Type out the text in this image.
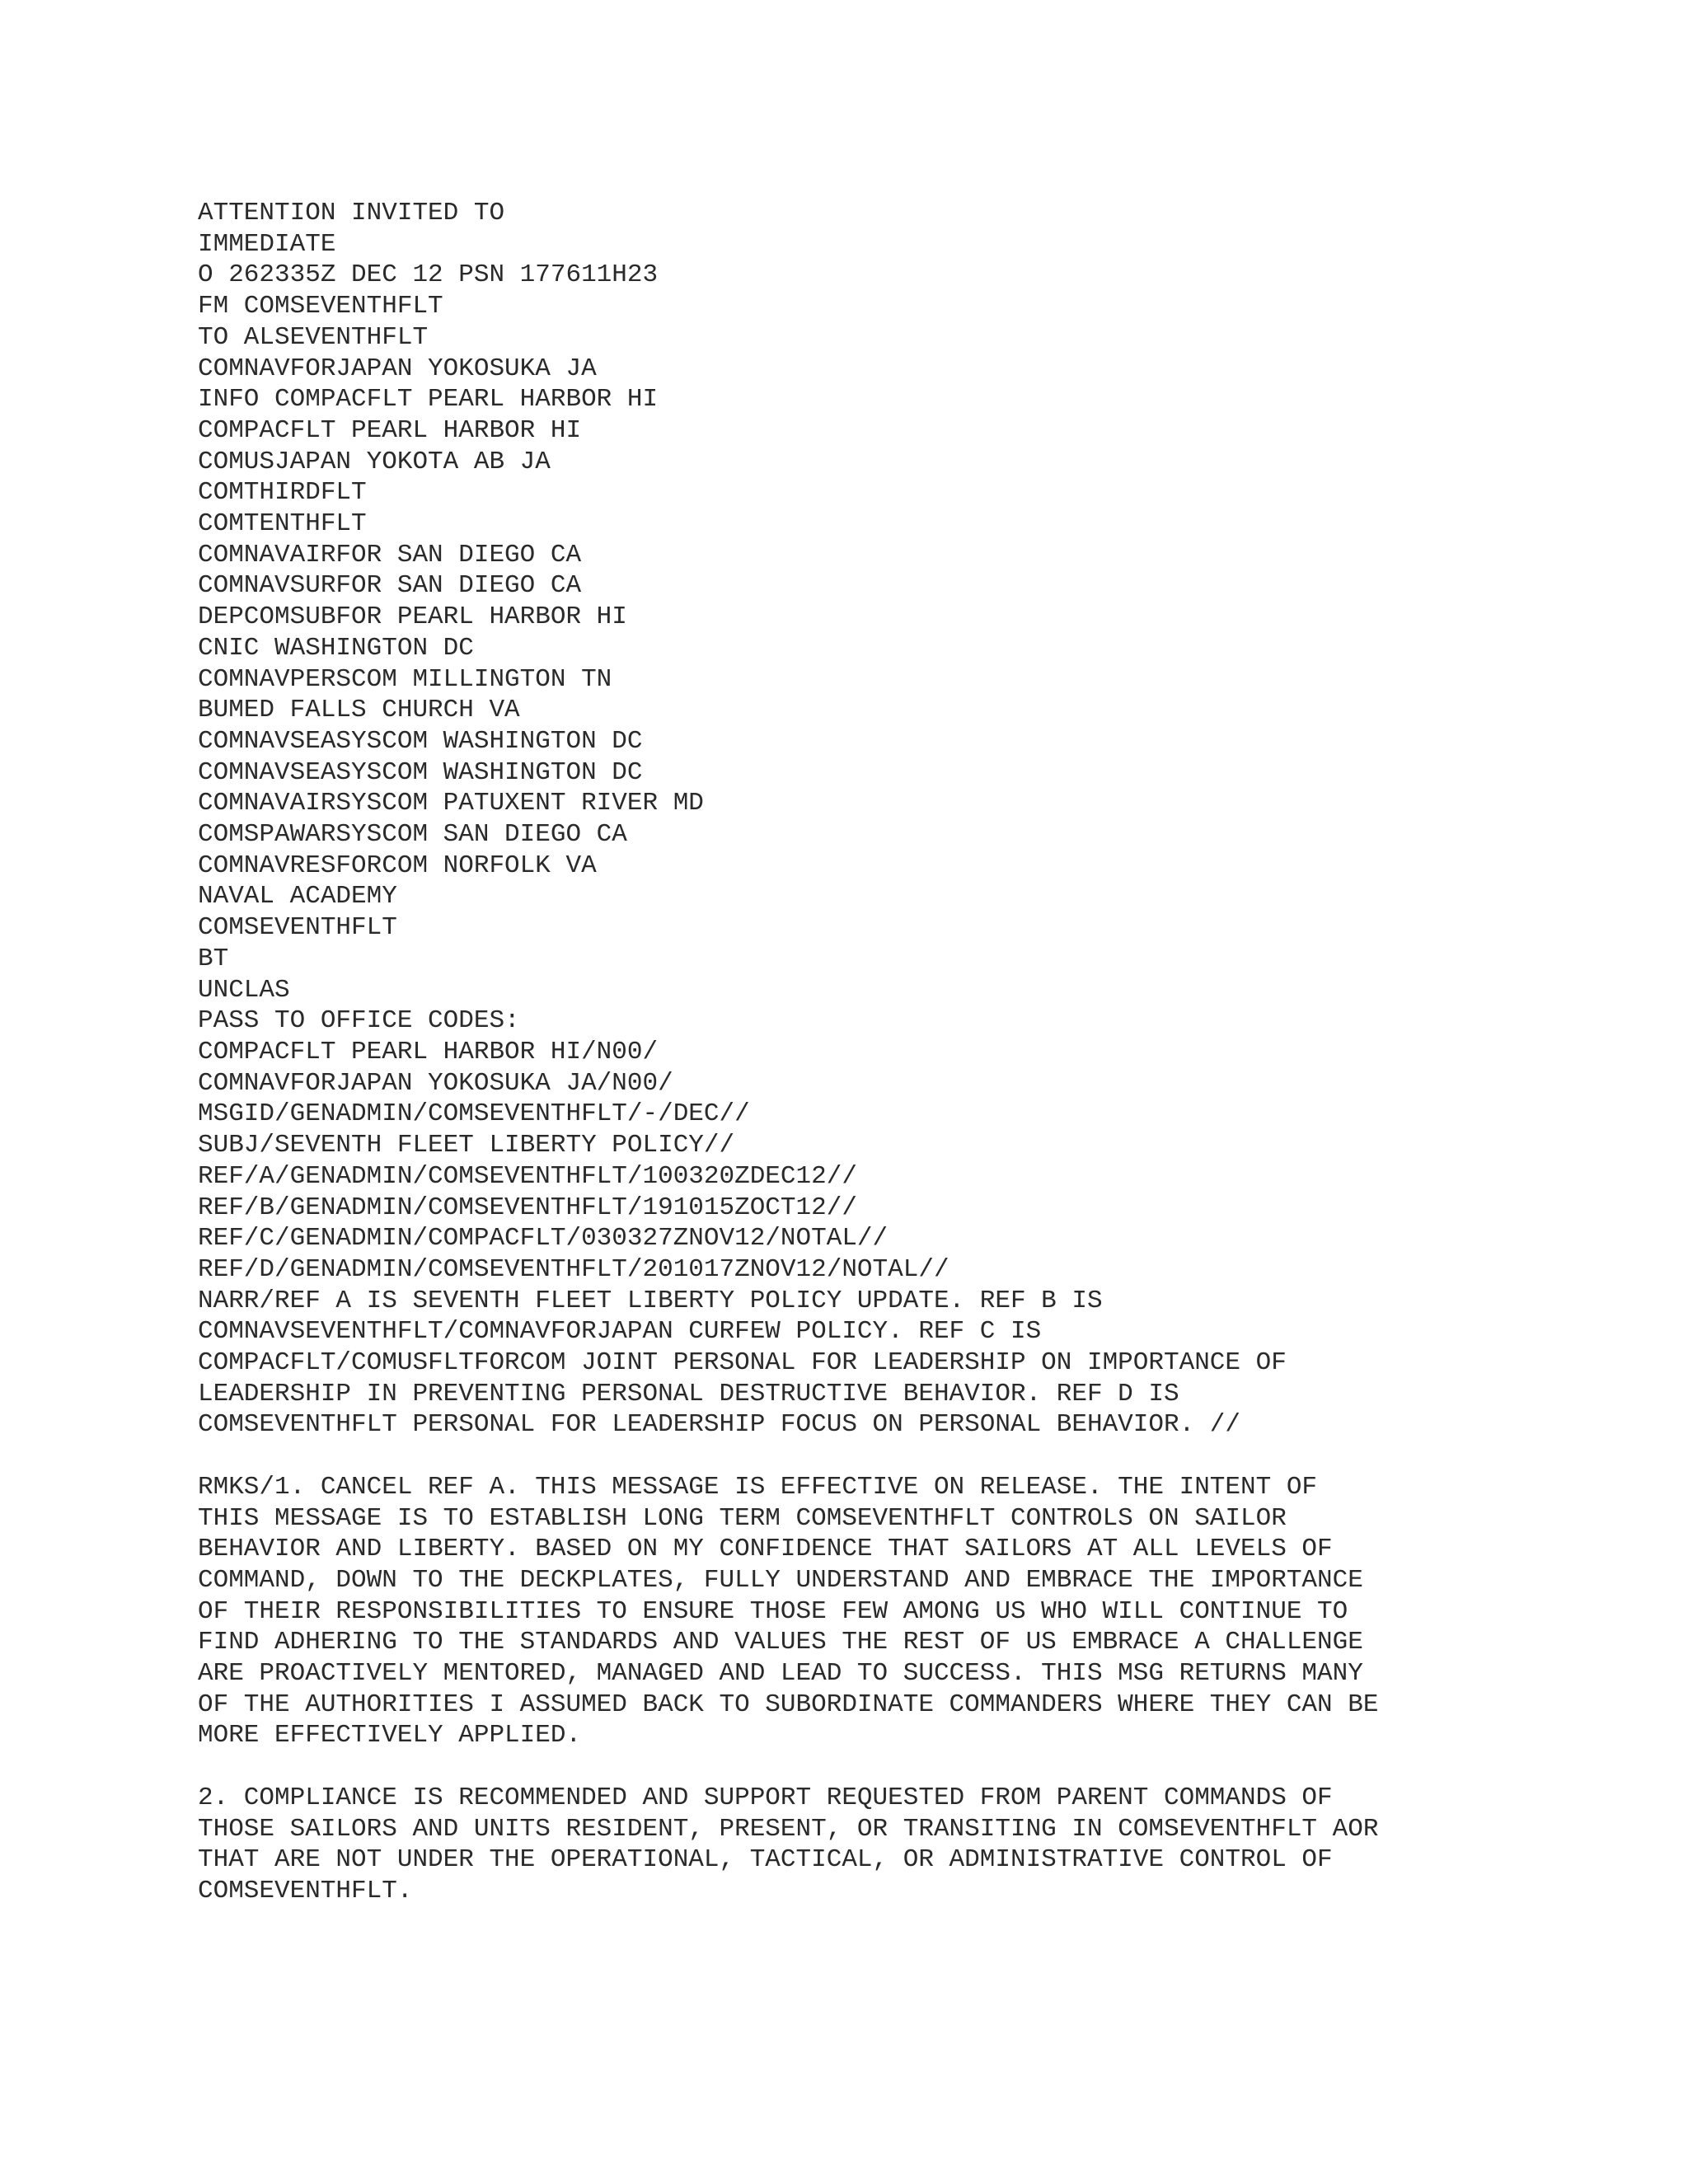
ATTENTION INVITED TO
IMMEDIATE
O 262335Z DEC 12 PSN 177611H23
FM COMSEVENTHFLT
TO ALSEVENTHFLT
COMNAVFORJAPAN YOKOSUKA JA
INFO COMPACFLT PEARL HARBOR HI
COMPACFLT PEARL HARBOR HI
COMUSJAPAN YOKOTA AB JA
COMTHIRDFLT
COMTENTHFLT
COMNAVAIRFOR SAN DIEGO CA
COMNAVSURFOR SAN DIEGO CA
DEPCOMSUBFOR PEARL HARBOR HI
CNIC WASHINGTON DC
COMNAVPERSCOM MILLINGTON TN
BUMED FALLS CHURCH VA
COMNAVSEASYSCOM WASHINGTON DC
COMNAVSEASYSCOM WASHINGTON DC
COMNAVAIRSYSCOM PATUXENT RIVER MD
COMSPAWARSYSCOM SAN DIEGO CA
COMNAVRESFORCOM NORFOLK VA
NAVAL ACADEMY
COMSEVENTHFLT
BT
UNCLAS
PASS TO OFFICE CODES:
COMPACFLT PEARL HARBOR HI/N00/
COMNAVFORJAPAN YOKOSUKA JA/N00/
MSGID/GENADMIN/COMSEVENTHFLT/-/DEC//
SUBJ/SEVENTH FLEET LIBERTY POLICY//
REF/A/GENADMIN/COMSEVENTHFLT/100320ZDEC12//
REF/B/GENADMIN/COMSEVENTHFLT/191015ZOCT12//
REF/C/GENADMIN/COMPACFLT/030327ZNOV12/NOTAL//
REF/D/GENADMIN/COMSEVENTHFLT/201017ZNOV12/NOTAL//
NARR/REF A IS SEVENTH FLEET LIBERTY POLICY UPDATE. REF B IS
COMNAVSEVENTHFLT/COMNAVFORJAPAN CURFEW POLICY. REF C IS
COMPACFLT/COMUSFLTFORCOM JOINT PERSONAL FOR LEADERSHIP ON IMPORTANCE OF
LEADERSHIP IN PREVENTING PERSONAL DESTRUCTIVE BEHAVIOR. REF D IS
COMSEVENTHFLT PERSONAL FOR LEADERSHIP FOCUS ON PERSONAL BEHAVIOR. //
RMKS/1. CANCEL REF A. THIS MESSAGE IS EFFECTIVE ON RELEASE. THE INTENT OF
THIS MESSAGE IS TO ESTABLISH LONG TERM COMSEVENTHFLT CONTROLS ON SAILOR
BEHAVIOR AND LIBERTY. BASED ON MY CONFIDENCE THAT SAILORS AT ALL LEVELS OF
COMMAND, DOWN TO THE DECKPLATES, FULLY UNDERSTAND AND EMBRACE THE IMPORTANCE
OF THEIR RESPONSIBILITIES TO ENSURE THOSE FEW AMONG US WHO WILL CONTINUE TO
FIND ADHERING TO THE STANDARDS AND VALUES THE REST OF US EMBRACE A CHALLENGE
ARE PROACTIVELY MENTORED, MANAGED AND LEAD TO SUCCESS. THIS MSG RETURNS MANY
OF THE AUTHORITIES I ASSUMED BACK TO SUBORDINATE COMMANDERS WHERE THEY CAN BE
MORE EFFECTIVELY APPLIED.
2. COMPLIANCE IS RECOMMENDED AND SUPPORT REQUESTED FROM PARENT COMMANDS OF
THOSE SAILORS AND UNITS RESIDENT, PRESENT, OR TRANSITING IN COMSEVENTHFLT AOR
THAT ARE NOT UNDER THE OPERATIONAL, TACTICAL, OR ADMINISTRATIVE CONTROL OF
COMSEVENTHFLT.
